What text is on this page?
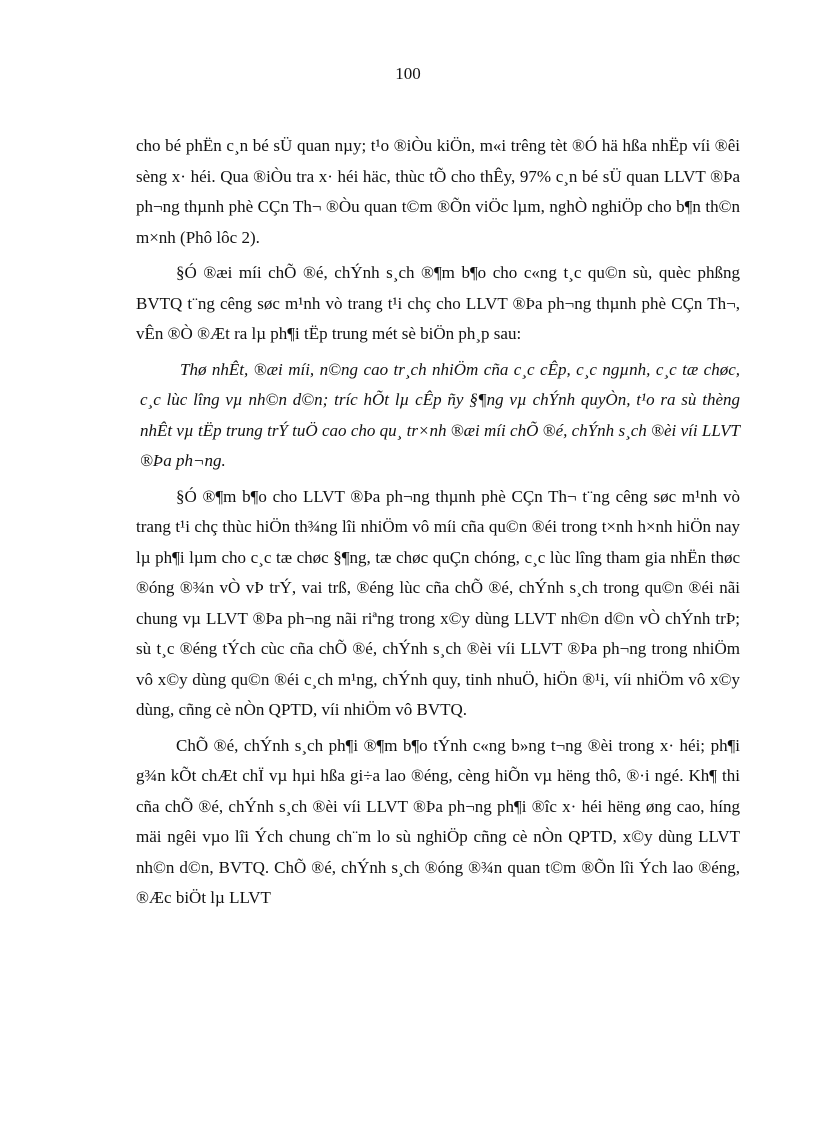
100

cho bé phËn c¸n bé sÜ quan nµy; t¹o ®iÒu kiÖn, m«i trêng tèt ®Ó hä hßa nhËp víi ®êi sèng x· héi. Qua ®iÒu tra x· héi häc, thùc tÕ cho thÊy, 97% c¸n bé sÜ quan LLVT ®Þa ph¬ng thµnh phè CÇn Th¬ ®Òu quan t©m ®Õn viÖc lµm, nghÒ nghiÖp cho b¶n th©n m×nh (Phô lôc 2).

§Ó ®æi míi chÕ ®é, chÝnh s¸ch ®¶m b¶o cho c«ng t¸c qu©n sù, quèc phßng BVTQ t¨ng cêng søc m¹nh vò trang t¹i chç cho LLVT ®Þa ph¬ng thµnh phè CÇn Th¬, vÊn ®Ò ®Æt ra lµ ph¶i tËp trung mét sè biÖn ph¸p sau:

Thø nhÊt, ®æi míi, n©ng cao tr¸ch nhiÖm cña c¸c cÊp, c¸c ngµnh, c¸c tæ chøc, c¸c lùc lîng vµ nh©n d©n; tríc hÕt lµ cÊp ñy §¶ng vµ chÝnh quyÒn, t¹o ra sù thèng nhÊt vµ tËp trung trÝ tuÖ cao cho qu¸ tr×nh ®æi míi chÕ ®é, chÝnh s¸ch ®èi víi LLVT ®Þa ph¬ng.

§Ó ®¶m b¶o cho LLVT ®Þa ph¬ng thµnh phè CÇn Th¬ t¨ng cêng søc m¹nh vò trang t¹i chç thùc hiÖn th¾ng lîi nhiÖm vô míi cña qu©n ®éi trong t×nh h×nh hiÖn nay lµ ph¶i lµm cho c¸c tæ chøc §¶ng, tæ chøc quÇn chóng, c¸c lùc lîng tham gia nhËn thøc ®óng ®¾n vÒ vÞ trÝ, vai trß, ®éng lùc cña chÕ ®é, chÝnh s¸ch trong qu©n ®éi nãi chung vµ LLVT ®Þa ph¬ng nãi riªng trong x©y dùng LLVT nh©n d©n vÒ chÝnh trÞ; sù t¸c ®éng tÝch cùc cña chÕ ®é, chÝnh s¸ch ®èi víi LLVT ®Þa ph¬ng trong nhiÖm vô x©y dùng qu©n ®éi c¸ch m¹ng, chÝnh quy, tinh nhuÖ, hiÖn ®¹i, víi nhiÖm vô x©y dùng, cñng cè nÒn QPTD, víi nhiÖm vô BVTQ.

ChÕ ®é, chÝnh s¸ch ph¶i ®¶m b¶o tÝnh c«ng b»ng t¬ng ®èi trong x· héi; ph¶i g¾n kÕt chÆt chÏ vµ hµi hßa gi÷a lao ®éng, cèng hiÕn vµ hëng thô, ®·i ngé. Kh¶ thi cña chÕ ®é, chÝnh s¸ch ®èi víi LLVT ®Þa ph¬ng ph¶i ®îc x· héi hëng øng cao, híng mäi ngêi vµo lîi Ých chung ch¨m lo sù nghiÖp cñng cè nÒn QPTD, x©y dùng LLVT nh©n d©n, BVTQ. ChÕ ®é, chÝnh s¸ch ®óng ®¾n quan t©m ®Õn lîi Ých lao ®éng, ®Æc biÖt lµ LLVT
